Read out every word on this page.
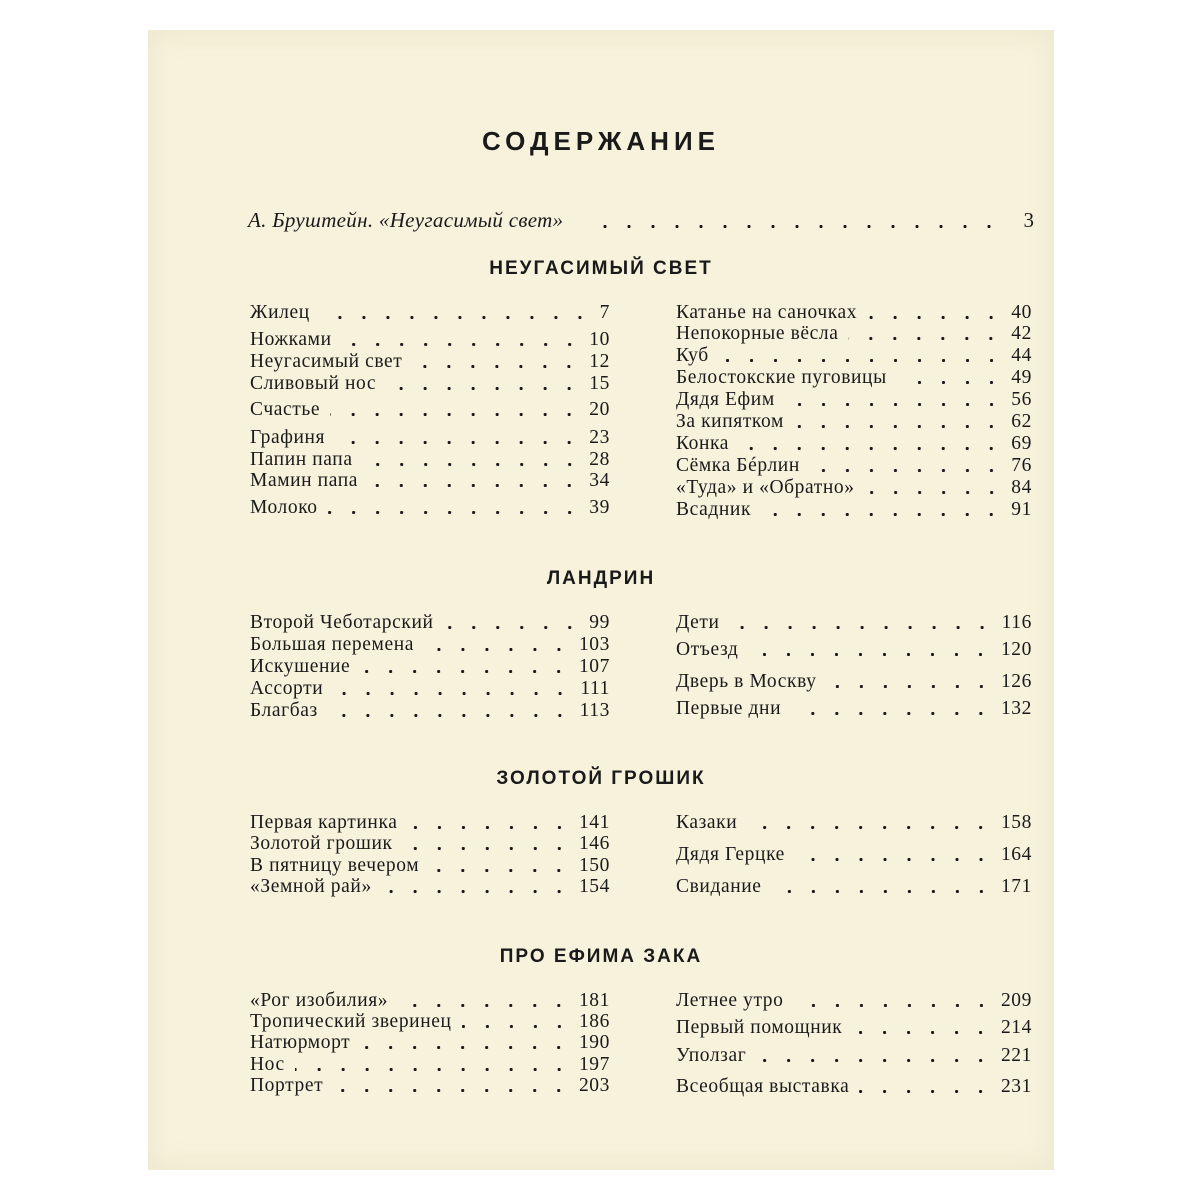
СОДЕРЖАНИЕ
А. Бруштейн. «Неугасимый свет»	3
НЕУГАСИМЫЙ СВЕТ
Жилец	7
Ножками	10
Неугасимый свет	12
Сливовый нос	15
Счастье	20
Графиня	23
Папин папа	28
Мамин папа	34
Молоко	39
Катанье на саночках	40
Непокорные вёсла	42
Куб	44
Белостокские пуговицы	49
Дядя Ефим	56
За кипятком	62
Конка	69
Сёмка Бéрлин	76
«Туда» и «Обратно»	84
Всадник	91
ЛАНДРИН
Второй Чеботарский	99
Большая перемена	103
Искушение	107
Ассорти	111
Благбаз	113
Дети	116
Отъезд	120
Дверь в Москву	126
Первые дни	132
ЗОЛОТОЙ ГРОШИК
Первая картинка	141
Золотой грошик	146
В пятницу вечером	150
«Земной рай»	154
Казаки	158
Дядя Герцке	164
Свидание	171
ПРО ЕФИМА ЗАКА
«Рог изобилия»	181
Тропический зверинец	186
Натюрморт	190
Нос	197
Портрет	203
Летнее утро	209
Первый помощник	214
Уползаг	221
Всеобщая выставка	231
